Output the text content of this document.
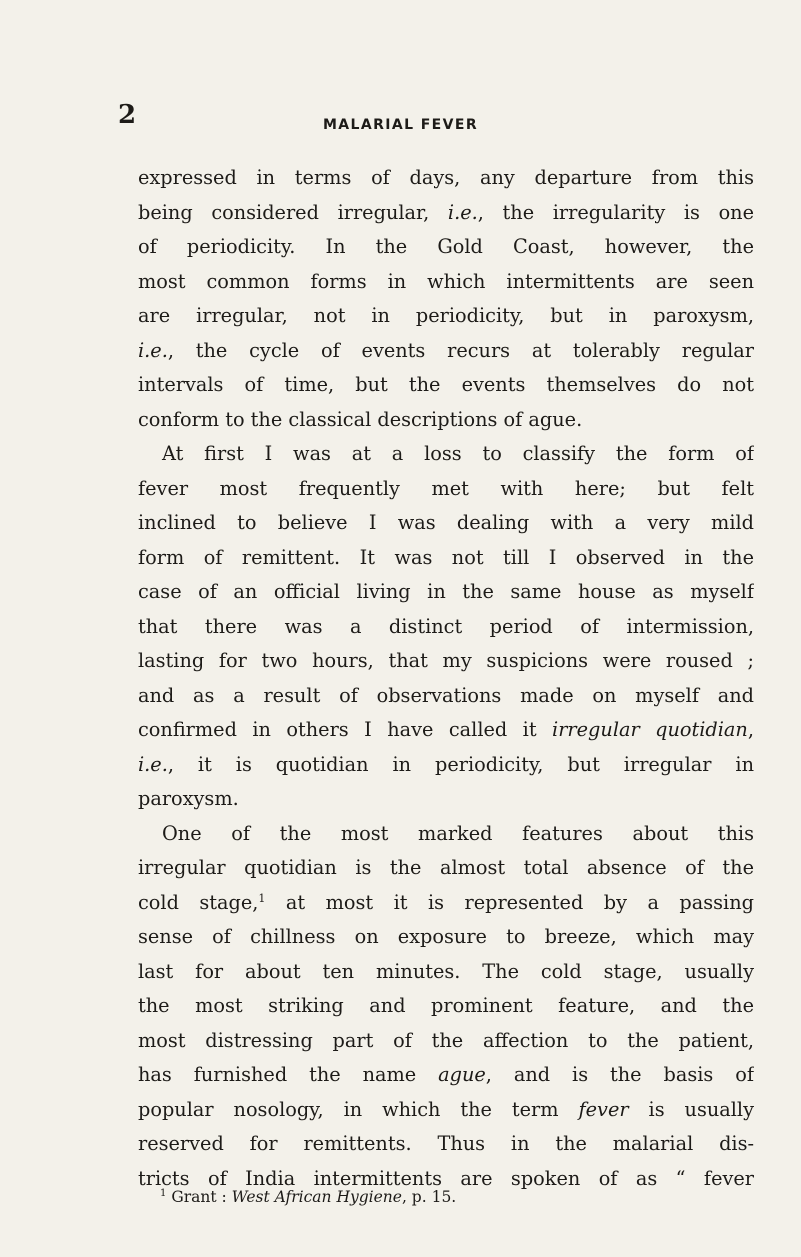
2	MALARIAL FEVER
expressed in terms of days, any departure from this
being considered irregular, i.e., the irregularity is one
of periodicity. In the Gold Coast, however, the
most common forms in which intermittents are seen
are irregular, not in periodicity, but in paroxysm,
i.e., the cycle of events recurs at tolerably regular
intervals of time, but the events themselves do not
conform to the classical descriptions of ague.
At first I was at a loss to classify the form of
fever most frequently met with here; but felt
inclined to believe I was dealing with a very mild
form of remittent. It was not till I observed in the
case of an official living in the same house as myself
that there was a distinct period of intermission,
lasting for two hours, that my suspicions were roused ;
and as a result of observations made on myself and
confirmed in others I have called it irregular quotidian,
i.e., it is quotidian in periodicity, but irregular in
paroxysm.
One of the most marked features about this
irregular quotidian is the almost total absence of the
cold stage,$^1$ at most it is represented by a passing
sense of chillness on exposure to breeze, which may
last for about ten minutes. The cold stage, usually
the most striking and prominent feature, and the
most distressing part of the affection to the patient,
has furnished the name ague, and is the basis of
popular nosology, in which the term fever is usually
reserved for remittents. Thus in the malarial dis-
tricts of India intermittents are spoken of as “ fever
$^1$ Grant : West African Hygiene, p. 15.
